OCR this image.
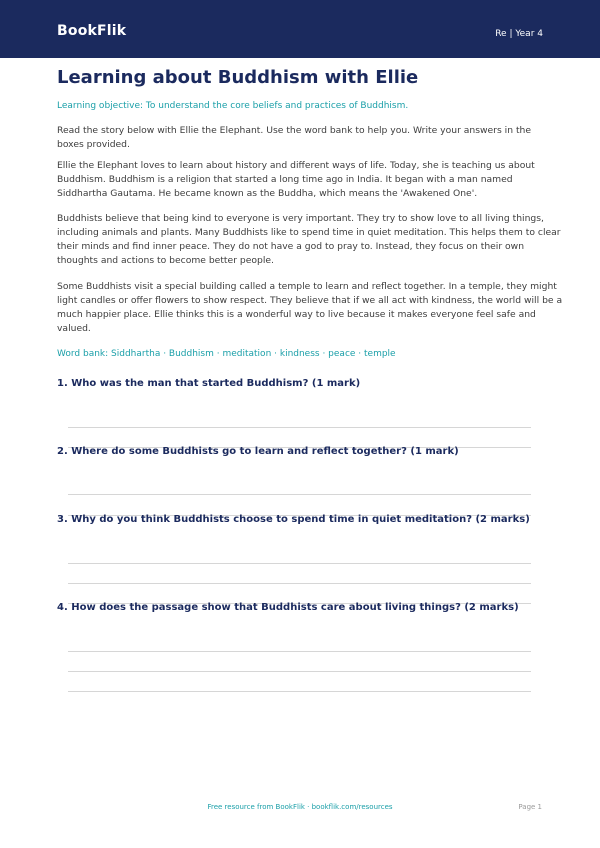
BookFlik	Re | Year 4
Learning about Buddhism with Ellie
Learning objective: To understand the core beliefs and practices of Buddhism.
Read the story below with Ellie the Elephant. Use the word bank to help you. Write your answers in the
boxes provided.
Ellie the Elephant loves to learn about history and different ways of life. Today, she is teaching us about
Buddhism. Buddhism is a religion that started a long time ago in India. It began with a man named
Siddhartha Gautama. He became known as the Buddha, which means the 'Awakened One'.
Buddhists believe that being kind to everyone is very important. They try to show love to all living things,
including animals and plants. Many Buddhists like to spend time in quiet meditation. This helps them to clear
their minds and find inner peace. They do not have a god to pray to. Instead, they focus on their own
thoughts and actions to become better people.
Some Buddhists visit a special building called a temple to learn and reflect together. In a temple, they might
light candles or offer flowers to show respect. They believe that if we all act with kindness, the world will be a
much happier place. Ellie thinks this is a wonderful way to live because it makes everyone feel safe and
valued.
Word bank: Siddhartha · Buddhism · meditation · kindness · peace · temple
1. Who was the man that started Buddhism? (1 mark)
2. Where do some Buddhists go to learn and reflect together? (1 mark)
3. Why do you think Buddhists choose to spend time in quiet meditation? (2 marks)
4. How does the passage show that Buddhists care about living things? (2 marks)
Free resource from BookFlik · bookflik.com/resources	Page 1
